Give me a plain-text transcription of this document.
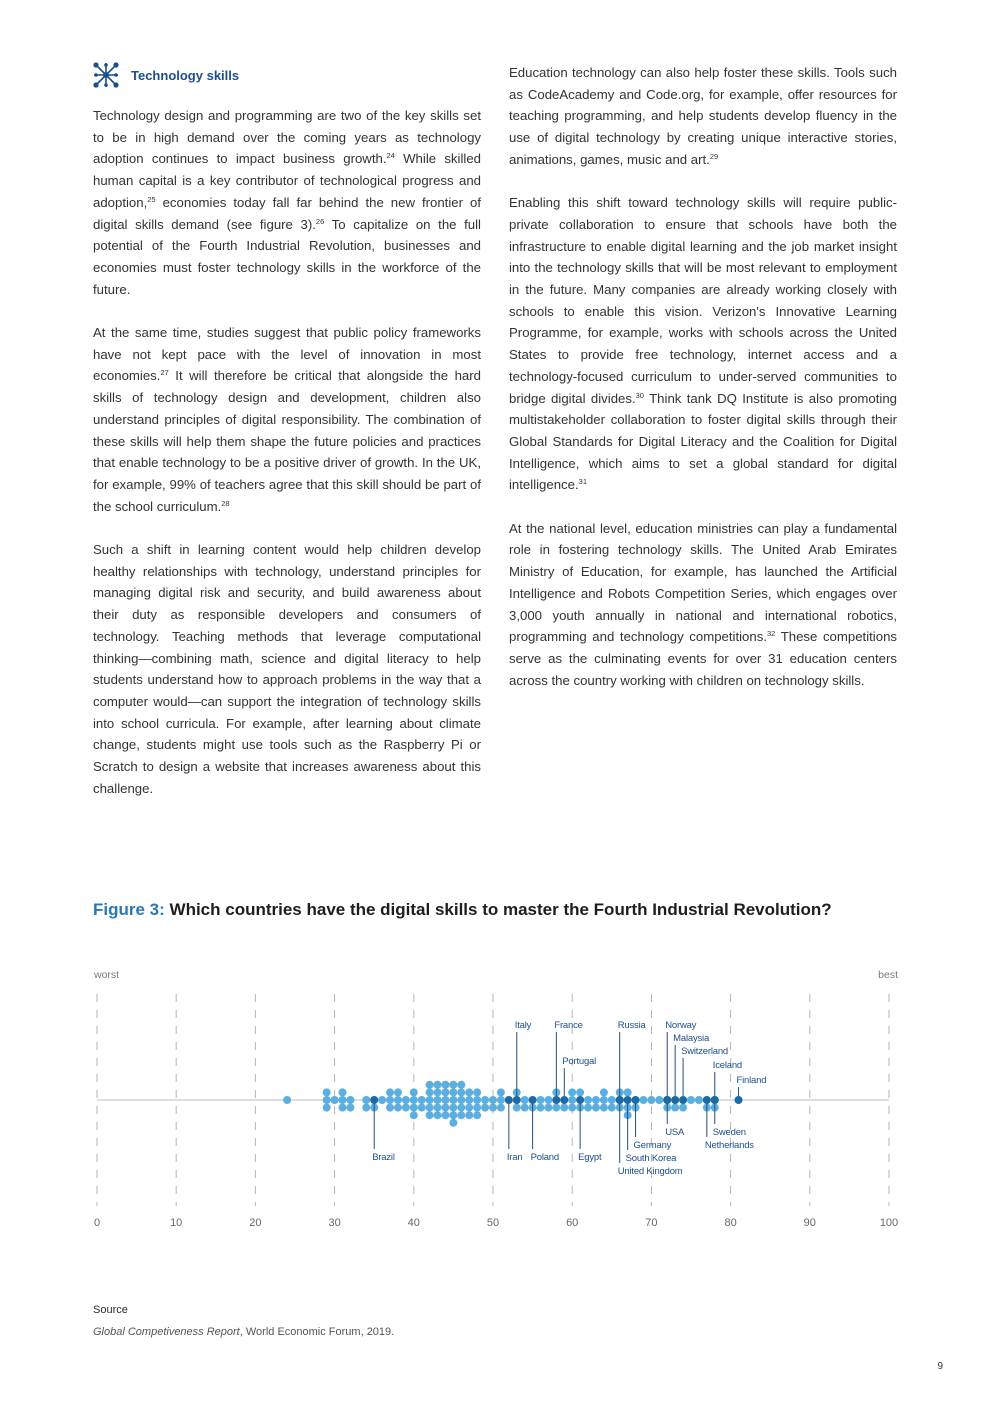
Technology skills

Technology design and programming are two of the key skills set to be in high demand over the coming years as technology adoption continues to impact business growth.$^{24}$ While skilled human capital is a key contributor of technological progress and adoption,$^{25}$ economies today fall far behind the new frontier of digital skills demand (see figure 3).$^{26}$ To capitalize on the full potential of the Fourth Industrial Revolution, businesses and economies must foster technology skills in the workforce of the future.

At the same time, studies suggest that public policy frameworks have not kept pace with the level of innovation in most economies.$^{27}$ It will therefore be critical that alongside the hard skills of technology design and development, children also understand principles of digital responsibility. The combination of these skills will help them shape the future policies and practices that enable technology to be a positive driver of growth. In the UK, for example, 99% of teachers agree that this skill should be part of the school curriculum.$^{28}$

Such a shift in learning content would help children develop healthy relationships with technology, understand principles for managing digital risk and security, and build awareness about their duty as responsible developers and consumers of technology. Teaching methods that leverage computational thinking—combining math, science and digital literacy to help students understand how to approach problems in the way that a computer would—can support the integration of technology skills into school curricula. For example, after learning about climate change, students might use tools such as the Raspberry Pi or Scratch to design a website that increases awareness about this challenge.

Education technology can also help foster these skills. Tools such as CodeAcademy and Code.org, for example, offer resources for teaching programming, and help students develop fluency in the use of digital technology by creating unique interactive stories, animations, games, music and art.$^{29}$

Enabling this shift toward technology skills will require public-private collaboration to ensure that schools have both the infrastructure to enable digital learning and the job market insight into the technology skills that will be most relevant to employment in the future. Many companies are already working closely with schools to enable this vision. Verizon's Innovative Learning Programme, for example, works with schools across the United States to provide free technology, internet access and a technology-focused curriculum to under-served communities to bridge digital divides.$^{30}$ Think tank DQ Institute is also promoting multistakeholder collaboration to foster digital skills through their Global Standards for Digital Literacy and the Coalition for Digital Intelligence, which aims to set a global standard for digital intelligence.$^{31}$

At the national level, education ministries can play a fundamental role in fostering technology skills. The United Arab Emirates Ministry of Education, for example, has launched the Artificial Intelligence and Robots Competition Series, which engages over 3,000 youth annually in national and international robotics, programming and technology competitions.$^{32}$ These competitions serve as the culminating events for over 31 education centers across the country working with children on technology skills.

Figure 3: Which countries have the digital skills to master the Fourth Industrial Revolution?
worst	best
0	10	20	30	40	50	60	70	80	90	100
Brazil	Iran
Italy
Poland
France
Portugal
Egypt
Russia
United Kingdom
South Korea
Germany
Norway
USA
Malaysia
Switzerland
Netherlands
Iceland
Sweden
Finland
Source
Global Competiveness Report, World Economic Forum, 2019.
9
